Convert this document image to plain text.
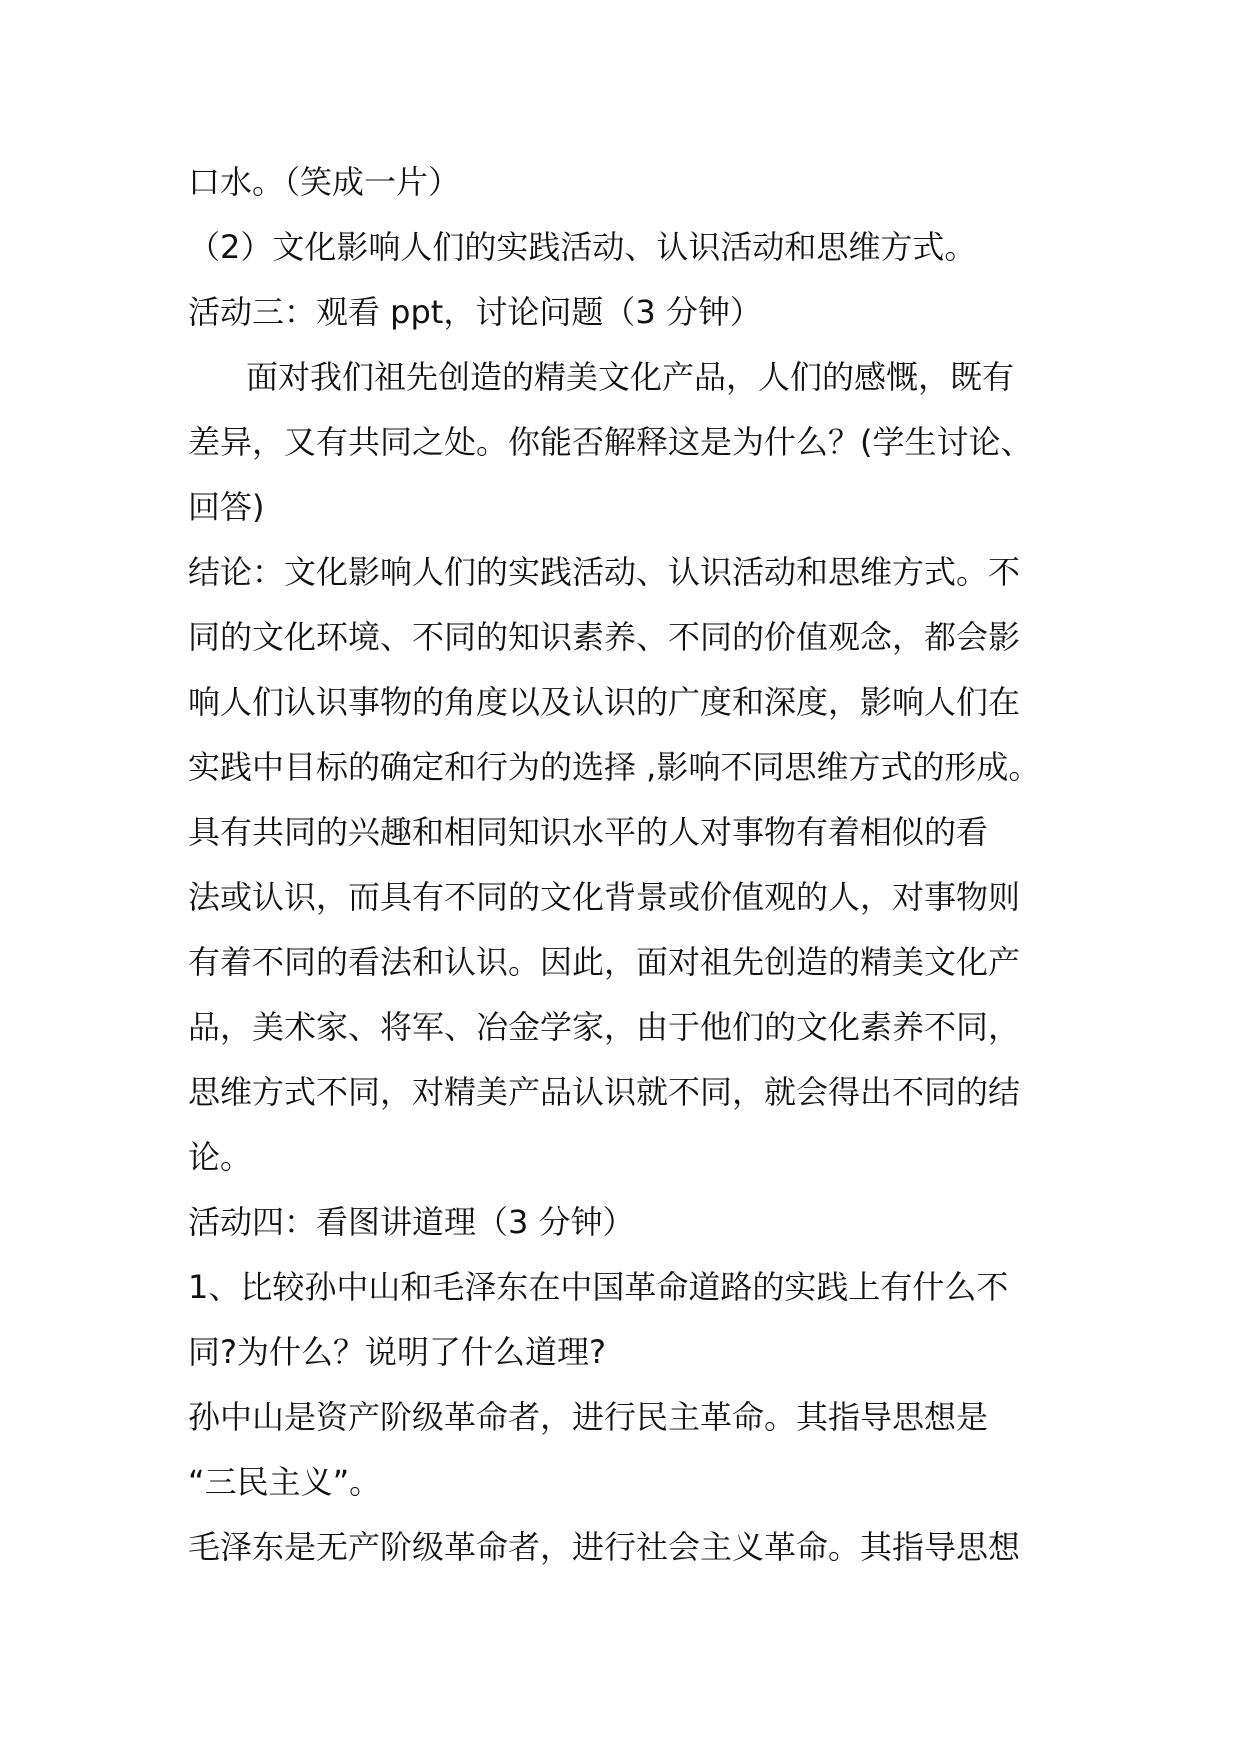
口水。（笑成一片）
（2）文化影响人们的实践活动、认识活动和思维方式。
活动三：观看 ppt，讨论问题（3 分钟）
面对我们祖先创造的精美文化产品，人们的感慨，既有
差异，又有共同之处。你能否解释这是为什么？(学生讨论、
回答)
结论：文化影响人们的实践活动、认识活动和思维方式。不
同的文化环境、不同的知识素养、不同的价值观念，都会影
响人们认识事物的角度以及认识的广度和深度，影响人们在
实践中目标的确定和行为的选择 ,影响不同思维方式的形成。
具有共同的兴趣和相同知识水平的人对事物有着相似的看
法或认识，而具有不同的文化背景或价值观的人，对事物则
有着不同的看法和认识。因此，面对祖先创造的精美文化产
品，美术家、将军、冶金学家，由于他们的文化素养不同，
思维方式不同，对精美产品认识就不同，就会得出不同的结
论。
活动四：看图讲道理（3 分钟）
1、比较孙中山和毛泽东在中国革命道路的实践上有什么不
同?为什么？说明了什么道理?
孙中山是资产阶级革命者，进行民主革命。其指导思想是
“三民主义”。
毛泽东是无产阶级革命者，进行社会主义革命。其指导思想
